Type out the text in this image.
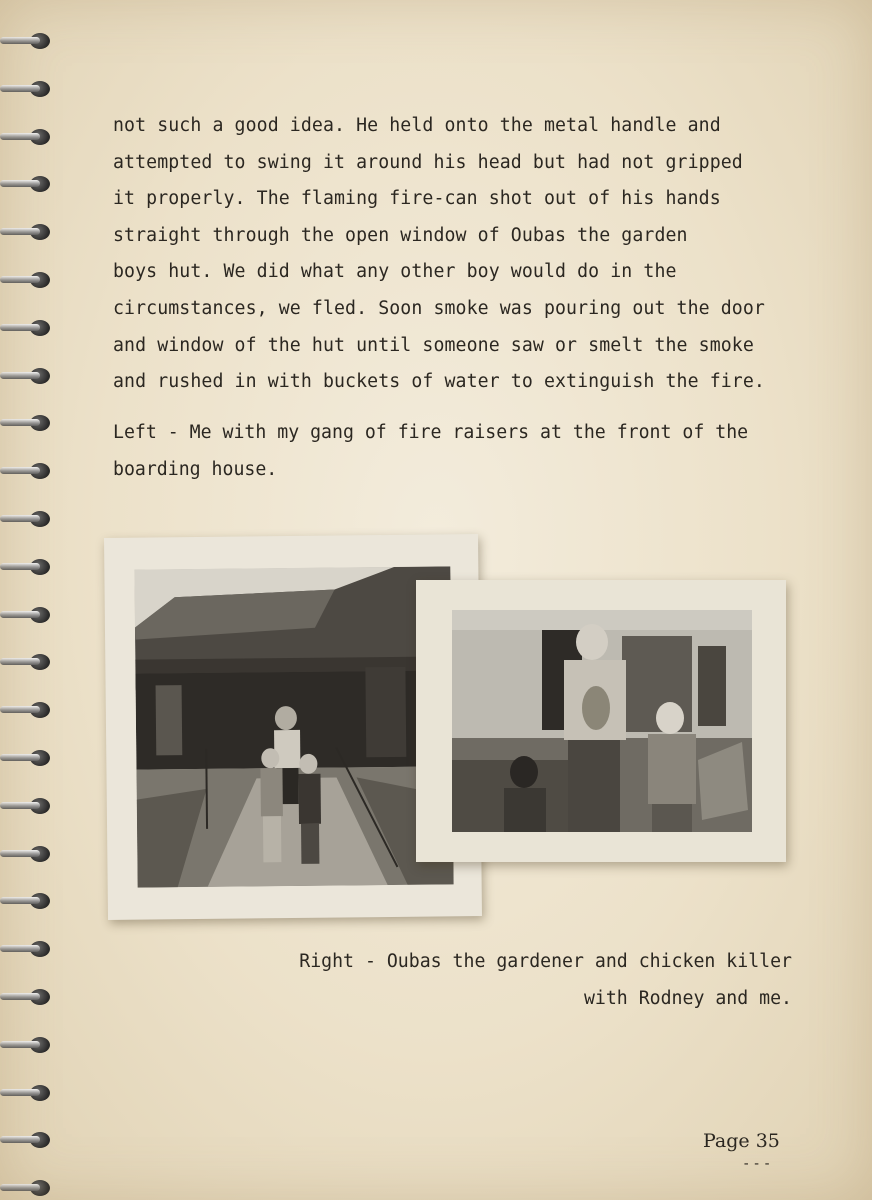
not such a good idea. He held onto the metal handle and
attempted to swing it around his head but had not gripped
it properly. The flaming fire-can shot out of his hands
straight through the open window of Oubas the garden
boys hut. We did what any other boy would do in the
circumstances, we fled. Soon smoke was pouring out the door
and window of the hut until someone saw or smelt the smoke
and rushed in with buckets of water to extinguish the fire.
Left - Me with my gang of fire raisers at the front of the
boarding house.
Right - Oubas the gardener and chicken killer
with Rodney and me.
Page 35
---
